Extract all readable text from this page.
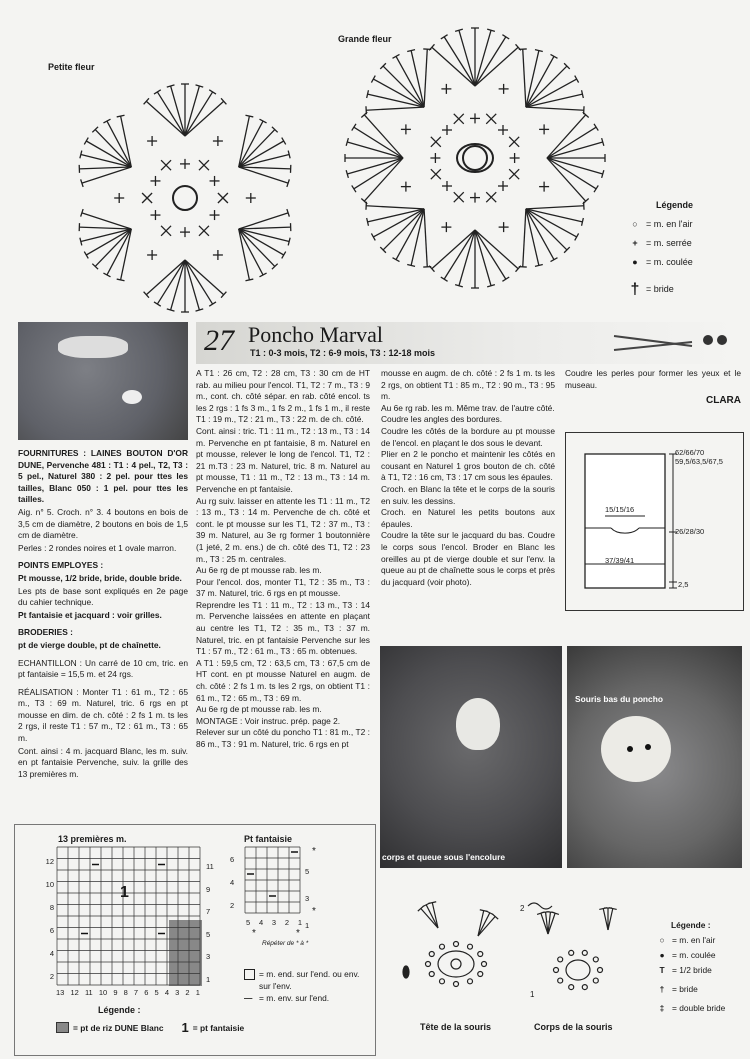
Petite fleur
Grande fleur
Légende
○ = m. en l'air
+ = m. serrée
● = m. coulée
† = bride
27 Poncho Marval
T1 : 0-3 mois, T2 : 6-9 mois, T3 : 12-18 mois

FOURNITURES : LAINES BOUTON D'OR DUNE, Pervenche 481 : T1 : 4 pel., T2, T3 : 5 pel., Naturel 380 : 2 pel. pour ttes les tailles, Blanc 050 : 1 pel. pour ttes les tailles.

Aig. n° 5. Croch. n° 3. 4 boutons en bois de 3,5 cm de diamètre, 2 boutons en bois de 1,5 cm de diamètre.

Perles : 2 rondes noires et 1 ovale marron.

POINTS EMPLOYES :

Pt mousse, 1/2 bride, bride, double bride.

Les pts de base sont expliqués en 2e page du cahier technique.

Pt fantaisie et jacquard : voir grilles.

BRODERIES :

pt de vierge double, pt de chaînette.

ECHANTILLON : Un carré de 10 cm, tric. en pt fantaisie = 15,5 m. et 24 rgs.

RÉALISATION : Monter T1 : 61 m., T2 : 65 m., T3 : 69 m. Naturel, tric. 6 rgs en pt mousse en dim. de ch. côté : 2 fs 1 m. ts les 2 rgs, il reste T1 : 57 m., T2 : 61 m., T3 : 65 m.

Cont. ainsi : 4 m. jacquard Blanc, les m. suiv. en pt fantaisie Pervenche, suiv. la grille des 13 premières m.

A T1 : 26 cm, T2 : 28 cm, T3 : 30 cm de HT rab. au milieu pour l'encol. T1, T2 : 7 m., T3 : 9 m., cont. ch. côté sépar. en rab. côté encol. ts les 2 rgs : 1 fs 3 m., 1 fs 2 m., 1 fs 1 m., il reste T1 : 19 m., T2 : 21 m., T3 : 22 m. de ch. côté.

Cont. ainsi : tric. T1 : 11 m., T2 : 13 m., T3 : 14 m. Pervenche en pt fantaisie, 8 m. Naturel en pt mousse, relever le long de l'encol. T1, T2 : 21 m.T3 : 23 m. Naturel, tric. 8 m. Naturel au pt mousse, T1 : 11 m., T2 : 13 m., T3 : 14 m. Pervenche en pt fantaisie.

Au rg suiv. laisser en attente les T1 : 11 m., T2 : 13 m., T3 : 14 m. Pervenche de ch. côté et cont. le pt mousse sur les T1, T2 : 37 m., T3 : 39 m. Naturel, au 3e rg former 1 boutonnière (1 jeté, 2 m. ens.) de ch. côté des T1, T2 : 23 m., T3 : 25 m. centrales.

Au 6e rg de pt mousse rab. les m.

Pour l'encol. dos, monter T1, T2 : 35 m., T3 : 37 m. Naturel, tric. 6 rgs en pt mousse.

Reprendre les T1 : 11 m., T2 : 13 m., T3 : 14 m. Pervenche laissées en attente en plaçant au centre les T1, T2 : 35 m., T3 : 37 m. Naturel, tric. en pt fantaisie Pervenche sur les T1 : 57 m., T2 : 61 m., T3 : 65 m. obtenues.

A T1 : 59,5 cm, T2 : 63,5 cm, T3 : 67,5 cm de HT cont. en pt mousse Naturel en augm. de ch. côté : 2 fs 1 m. ts les 2 rgs, on obtient T1 : 61 m., T2 : 65 m., T3 : 69 m.

Au 6e rg de pt mousse rab. les m.

MONTAGE : Voir instruc. prép. page 2.

Relever sur un côté du poncho T1 : 81 m., T2 : 86 m., T3 : 91 m. Naturel, tric. 6 rgs en pt

mousse en augm. de ch. côté : 2 fs 1 m. ts les 2 rgs, on obtient T1 : 85 m., T2 : 90 m., T3 : 95 m.

Au 6e rg rab. les m. Même trav. de l'autre côté.

Coudre les angles des bordures.

Coudre les côtés de la bordure au pt mousse de l'encol. en plaçant le dos sous le devant.

Plier en 2 le poncho et maintenir les côtés en cousant en Naturel 1 gros bouton de ch. côté à T1, T2 : 16 cm, T3 : 17 cm sous les épaules.

Croch. en Blanc la tête et le corps de la souris en suiv. les dessins.

Croch. en Naturel les petits boutons aux épaules.

Coudre la tête sur le jacquard du bas. Coudre le corps sous l'encol. Broder en Blanc les oreilles au pt de vierge double et sur l'env. la queue au pt de chaînette sous le corps et près du jacquard (voir photo).

Coudre les perles pour former les yeux et le museau.

CLARA

62/66/70
59,5/63,5/67,5
15/15/16
26/28/30
37/39/41
2,5
corps et queue sous l'encolure
Souris bas du poncho
13 premières m.
12
10
8
6
4
2
13 12 11 10 9 8 7 6 5 4 3 2 1
1
Pt fantaisie
6
4
2
11
9
7
5
3
1
5
3
1
5 4 3 2 1
*
*
*	*
Répéter de * à *
= m. end. sur l'end. ou env. sur l'env.
— = m. env. sur l'end.
Légende :
= pt de riz DUNE Blanc 1 = pt fantaisie
2
1
Tête de la souris	Corps de la souris
Légende :
○ = m. en l'air
● = m. coulée
T = 1/2 bride
† = bride
‡ = double bride
